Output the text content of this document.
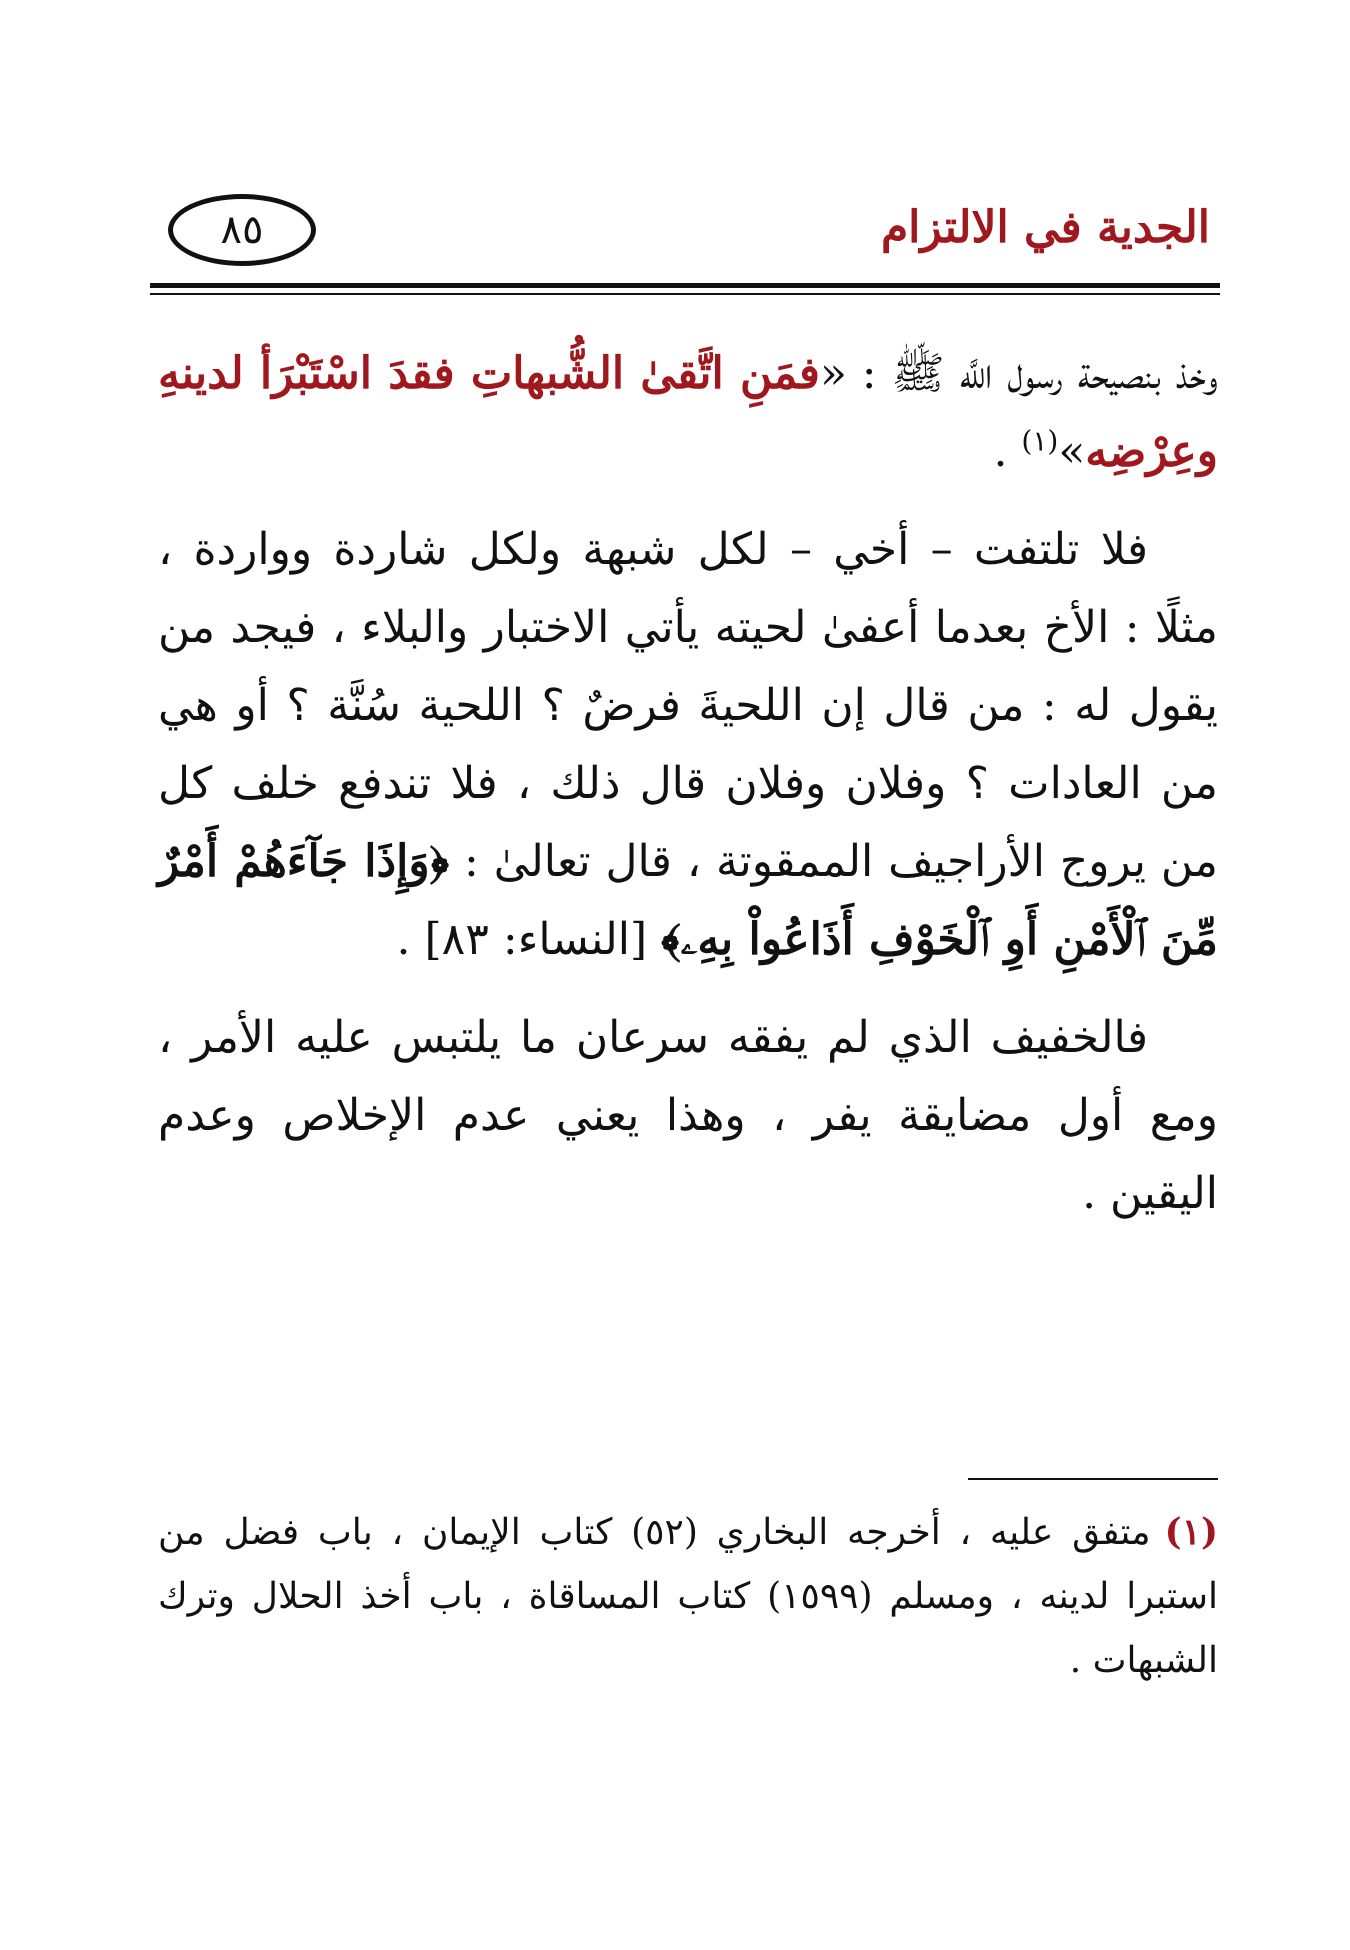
٨٥	الجدية في الالتزام

وخذ بنصيحة رسول اللَّه ﷺ : «فمَنِ اتَّقىٰ الشُّبهاتِ فقدَ اسْتَبْرَأ لدينهِ وعِرْضِه»$^{(١)}$ .

فلا تلتفت – أخي – لكل شبهة ولكل شاردة وواردة ، مثلًا : الأخ بعدما أعفىٰ لحيته يأتي الاختبار والبلاء ، فيجد من يقول له : من قال إن اللحيةَ فرضٌ ؟ اللحية سُنَّة ؟ أو هي من العادات ؟ وفلان وفلان قال ذلك ، فلا تندفع خلف كل من يروج الأراجيف الممقوتة ، قال تعالىٰ : ﴿وَإِذَا جَآءَهُمْ أَمْرٌ مِّنَ ٱلْأَمْنِ أَوِ ٱلْخَوْفِ أَذَاعُواْ بِهِۦ﴾ [النساء: ٨٣] .

فالخفيف الذي لم يفقه سرعان ما يلتبس عليه الأمر ، ومع أول مضايقة يفر ، وهذا يعني عدم الإخلاص وعدم اليقين .

(١)متفق عليه ، أخرجه البخاري (٥٢) كتاب الإيمان ، باب فضل من استبرا لدينه ، ومسلم (١٥٩٩) كتاب المساقاة ، باب أخذ الحلال وترك الشبهات .
